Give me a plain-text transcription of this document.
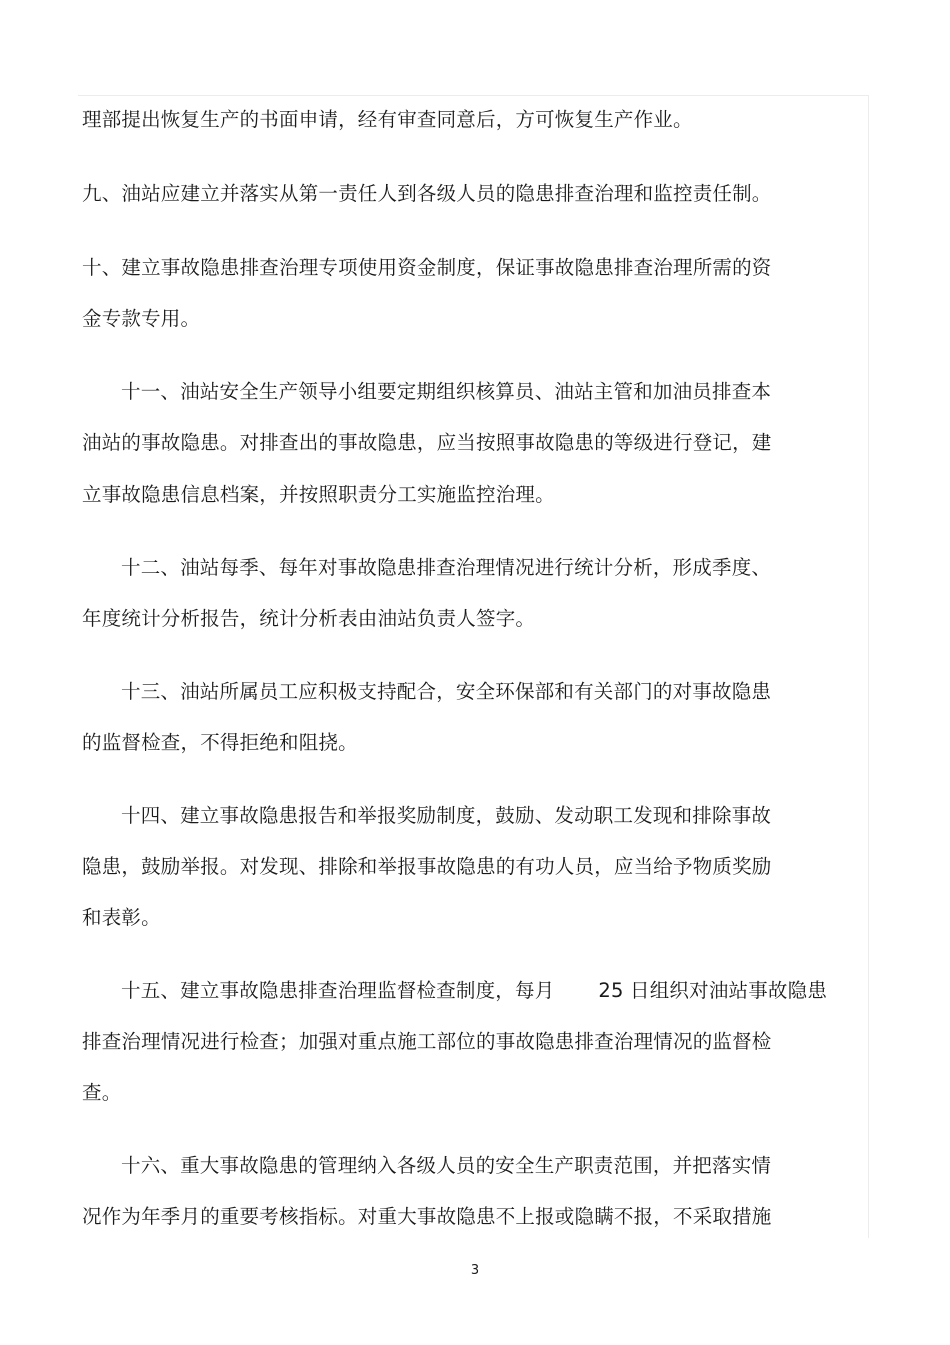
理部提出恢复生产的书面申请，经有审查同意后，方可恢复生产作业。
九、油站应建立并落实从第一责任人到各级人员的隐患排查治理和监控责任制。
十、建立事故隐患排查治理专项使用资金制度，保证事故隐患排查治理所需的资
金专款专用。
十一、油站安全生产领导小组要定期组织核算员、油站主管和加油员排查本
油站的事故隐患。对排查出的事故隐患，应当按照事故隐患的等级进行登记，建
立事故隐患信息档案，并按照职责分工实施监控治理。
十二、油站每季、每年对事故隐患排查治理情况进行统计分析，形成季度、
年度统计分析报告，统计分析表由油站负责人签字。
十三、油站所属员工应积极支持配合，安全环保部和有关部门的对事故隐患
的监督检查，不得拒绝和阻挠。
十四、建立事故隐患报告和举报奖励制度，鼓励、发动职工发现和排除事故
隐患，鼓励举报。对发现、排除和举报事故隐患的有功人员，应当给予物质奖励
和表彰。
十五、建立事故隐患排查治理监督检查制度，每月 25 日组织对油站事故隐患
排查治理情况进行检查；加强对重点施工部位的事故隐患排查治理情况的监督检
查。
十六、重大事故隐患的管理纳入各级人员的安全生产职责范围，并把落实情
况作为年季月的重要考核指标。对重大事故隐患不上报或隐瞒不报，不采取措施
3
